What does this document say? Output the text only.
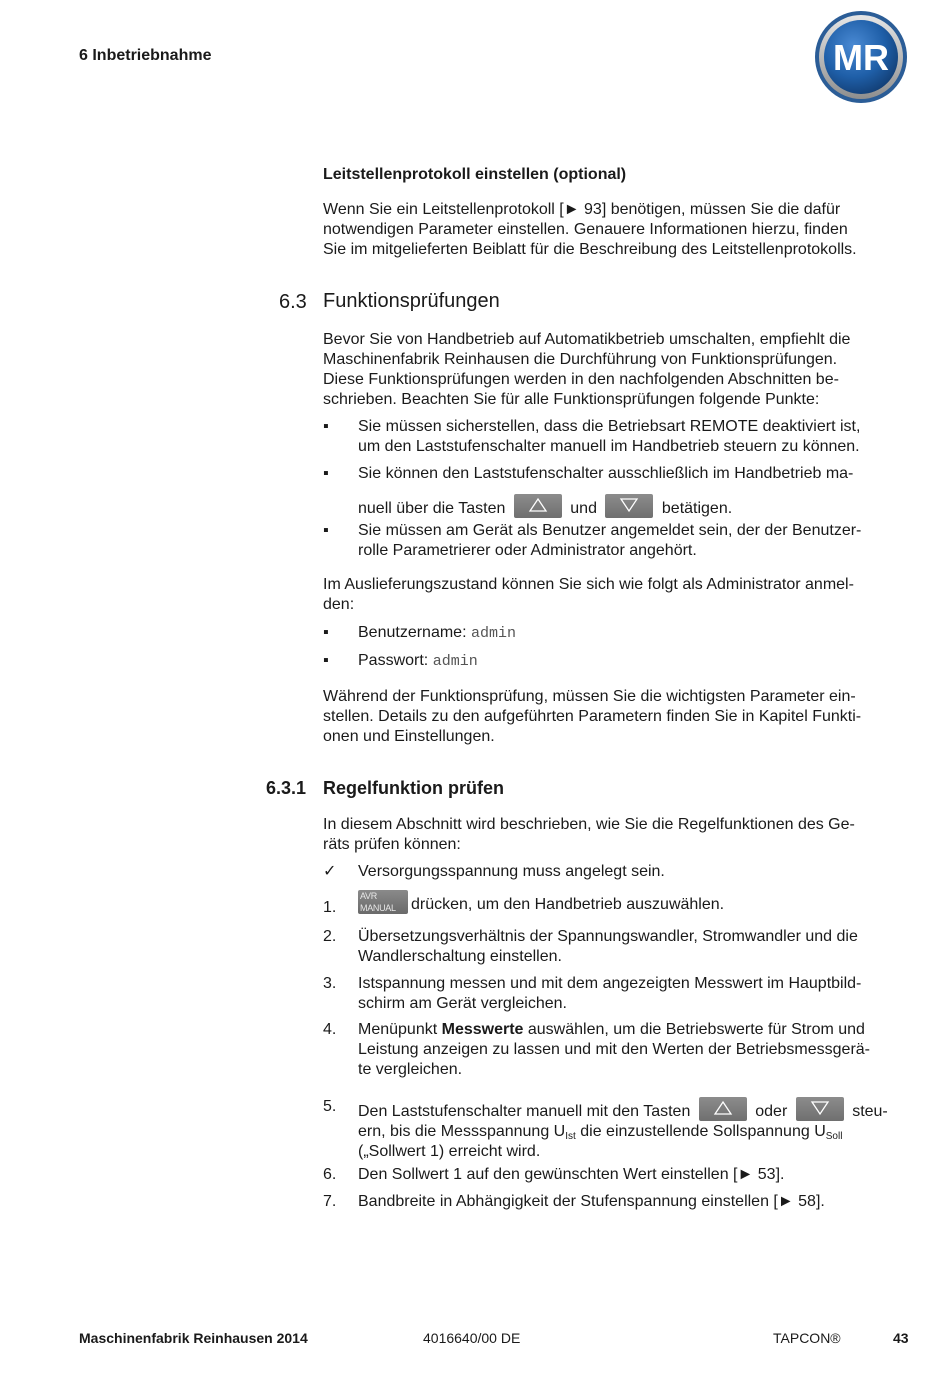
6 Inbetriebnahme	MR
Leitstellenprotokoll einstellen (optional)
Wenn Sie ein Leitstellenprotokoll [► 93] benötigen, müssen Sie die dafür
notwendigen Parameter einstellen. Genauere Informationen hierzu, finden
Sie im mitgelieferten Beiblatt für die Beschreibung des Leitstellenprotokolls.
6.3 Funktionsprüfungen
Bevor Sie von Handbetrieb auf Automatikbetrieb umschalten, empfiehlt die
Maschinenfabrik Reinhausen die Durchführung von Funktionsprüfungen.
Diese Funktionsprüfungen werden in den nachfolgenden Abschnitten be-
schrieben. Beachten Sie für alle Funktionsprüfungen folgende Punkte:
▪	Sie müssen sicherstellen, dass die Betriebsart REMOTE deaktiviert ist,
um den Laststufenschalter manuell im Handbetrieb steuern zu können.
▪	Sie können den Laststufenschalter ausschließlich im Handbetrieb ma-
nuell über die Tasten	und	betätigen.
▪	Sie müssen am Gerät als Benutzer angemeldet sein, der der Benutzer-
rolle Parametrierer oder Administrator angehört.
Im Auslieferungszustand können Sie sich wie folgt als Administrator anmel-
den:
▪	Benutzername: admin
▪	Passwort: admin
Während der Funktionsprüfung, müssen Sie die wichtigsten Parameter ein-
stellen. Details zu den aufgeführten Parametern finden Sie in Kapitel Funkti-
onen und Einstellungen.
6.3.1 Regelfunktion prüfen
In diesem Abschnitt wird beschrieben, wie Sie die Regelfunktionen des Ge-
räts prüfen können:
✓	Versorgungsspannung muss angelegt sein.
1.
AVR MANUAL drücken, um den Handbetrieb auszuwählen.
2.	Übersetzungsverhältnis der Spannungswandler, Stromwandler und die
Wandlerschaltung einstellen.
3.	Istspannung messen und mit dem angezeigten Messwert im Hauptbild-
schirm am Gerät vergleichen.
4.	Menüpunkt Messwerte auswählen, um die Betriebswerte für Strom und
Leistung anzeigen zu lassen und mit den Werten der Betriebsmessgerä-
te vergleichen.
5.	Den Laststufenschalter manuell mit den Tasten	oder	steu-
ern, bis die Messspannung $U_{Ist}$ die einzustellende Sollspannung $U_{Soll}$
(„Sollwert 1) erreicht wird.
6.	Den Sollwert 1 auf den gewünschten Wert einstellen [► 53].
7.	Bandbreite in Abhängigkeit der Stufenspannung einstellen [► 58].
Maschinenfabrik Reinhausen 2014	4016640/00 DE	TAPCON®	43
